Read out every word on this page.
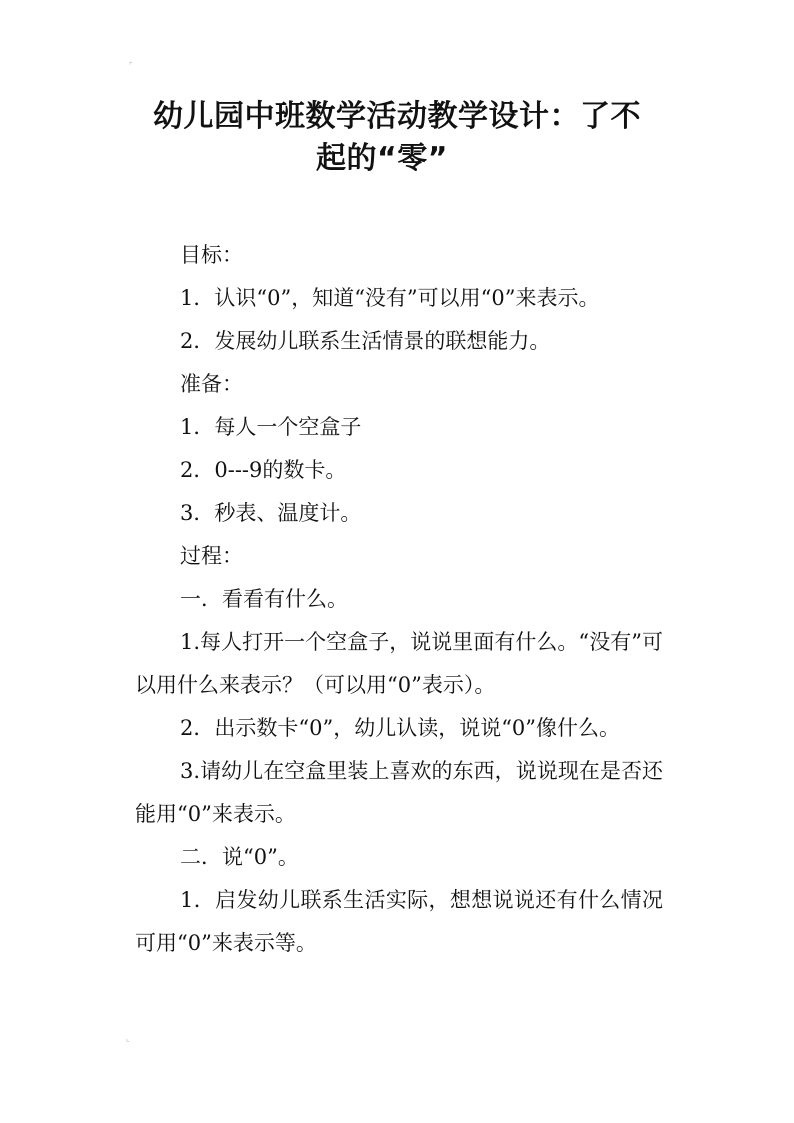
⌜
⌞
幼儿园中班数学活动教学设计：了不
起的“零”

目标：

1．认识“0”，知道“没有”可以用“0”来表示。

2．发展幼儿联系生活情景的联想能力。

准备：

1．每人一个空盒子

2．0---9的数卡。

3．秒表、温度计。

过程：

一．看看有什么。

1.每人打开一个空盒子，说说里面有什么。“没有”可以用什么来表示？（可以用“0”表示）。

2．出示数卡“0”，幼儿认读，说说“0”像什么。

3.请幼儿在空盒里装上喜欢的东西，说说现在是否还能用“0”来表示。

二．说“0”。

1．启发幼儿联系生活实际，想想说说还有什么情况可用“0”来表示等。
